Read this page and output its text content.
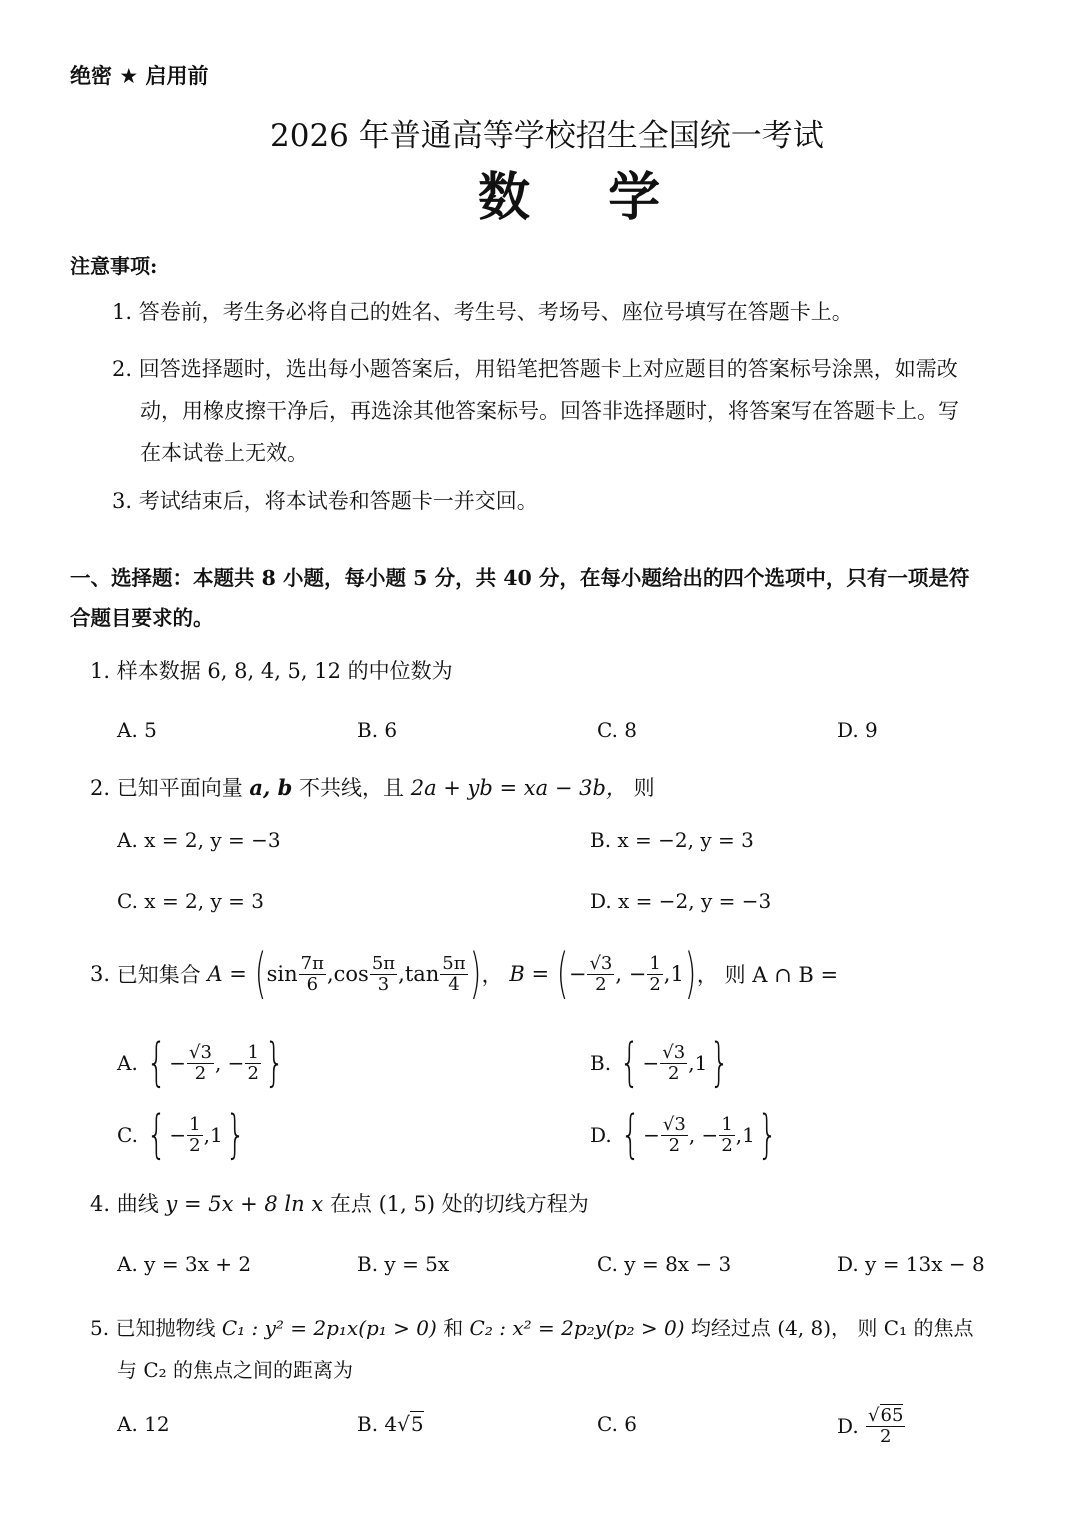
绝密 ★ 启用前
2026 年普通高等学校招生全国统一考试
数 学
注意事项:
1. 答卷前，考生务必将自己的姓名、考生号、考场号、座位号填写在答题卡上。
2. 回答选择题时，选出每小题答案后，用铅笔把答题卡上对应题目的答案标号涂黑，如需改
动，用橡皮擦干净后，再选涂其他答案标号。回答非选择题时，将答案写在答题卡上。写
在本试卷上无效。
3. 考试结束后，将本试卷和答题卡一并交回。
一、选择题：本题共 8 小题，每小题 5 分，共 40 分，在每小题给出的四个选项中，只有一项是符
合题目要求的。
1. 样本数据 6, 8, 4, 5, 12 的中位数为
A. 5	B. 6	C. 8	D. 9
2. 已知平面向量 a, b 不共线，且 2a + yb = xa − 3b， 则
A. x = 2, y = −3	B. x = −2, y = 3
C. x = 2, y = 3	D. x = −2, y = −3
3.
已知集合
A =
( $\sin \frac{7\pi}{6}$ , $\cos \frac{5\pi}{3}$ , $\tan \frac{5\pi}{4}$ ) ， B =
( − $\frac{√3}{2}$ , − $\frac{1}{2}$ , 1 ) ， 则 A ∩ B =
A.
{ − $\frac{√3}{2}$ , − $\frac{1}{2}$ }	B.
{ − $\frac{√3}{2}$ , 1 }
C.
{ − $\frac{1}{2}$ , 1 }	D.
{ − $\frac{√3}{2}$ , − $\frac{1}{2}$ , 1 }
4. 曲线 y = 5x + 8 ln x 在点 (1, 5) 处的切线方程为
A. y = 3x + 2	B. y = 5x	C. y = 8x − 3	D. y = 13x − 8
5. 已知抛物线 C₁ : y² = 2p₁x(p₁ > 0) 和 C₂ : x² = 2p₂y(p₂ > 0) 均经过点 (4, 8)， 则 C₁ 的焦点
与 C₂ 的焦点之间的距离为
A. 12	B. 4√5	C. 6	D.
$\frac{√65}{2}$
